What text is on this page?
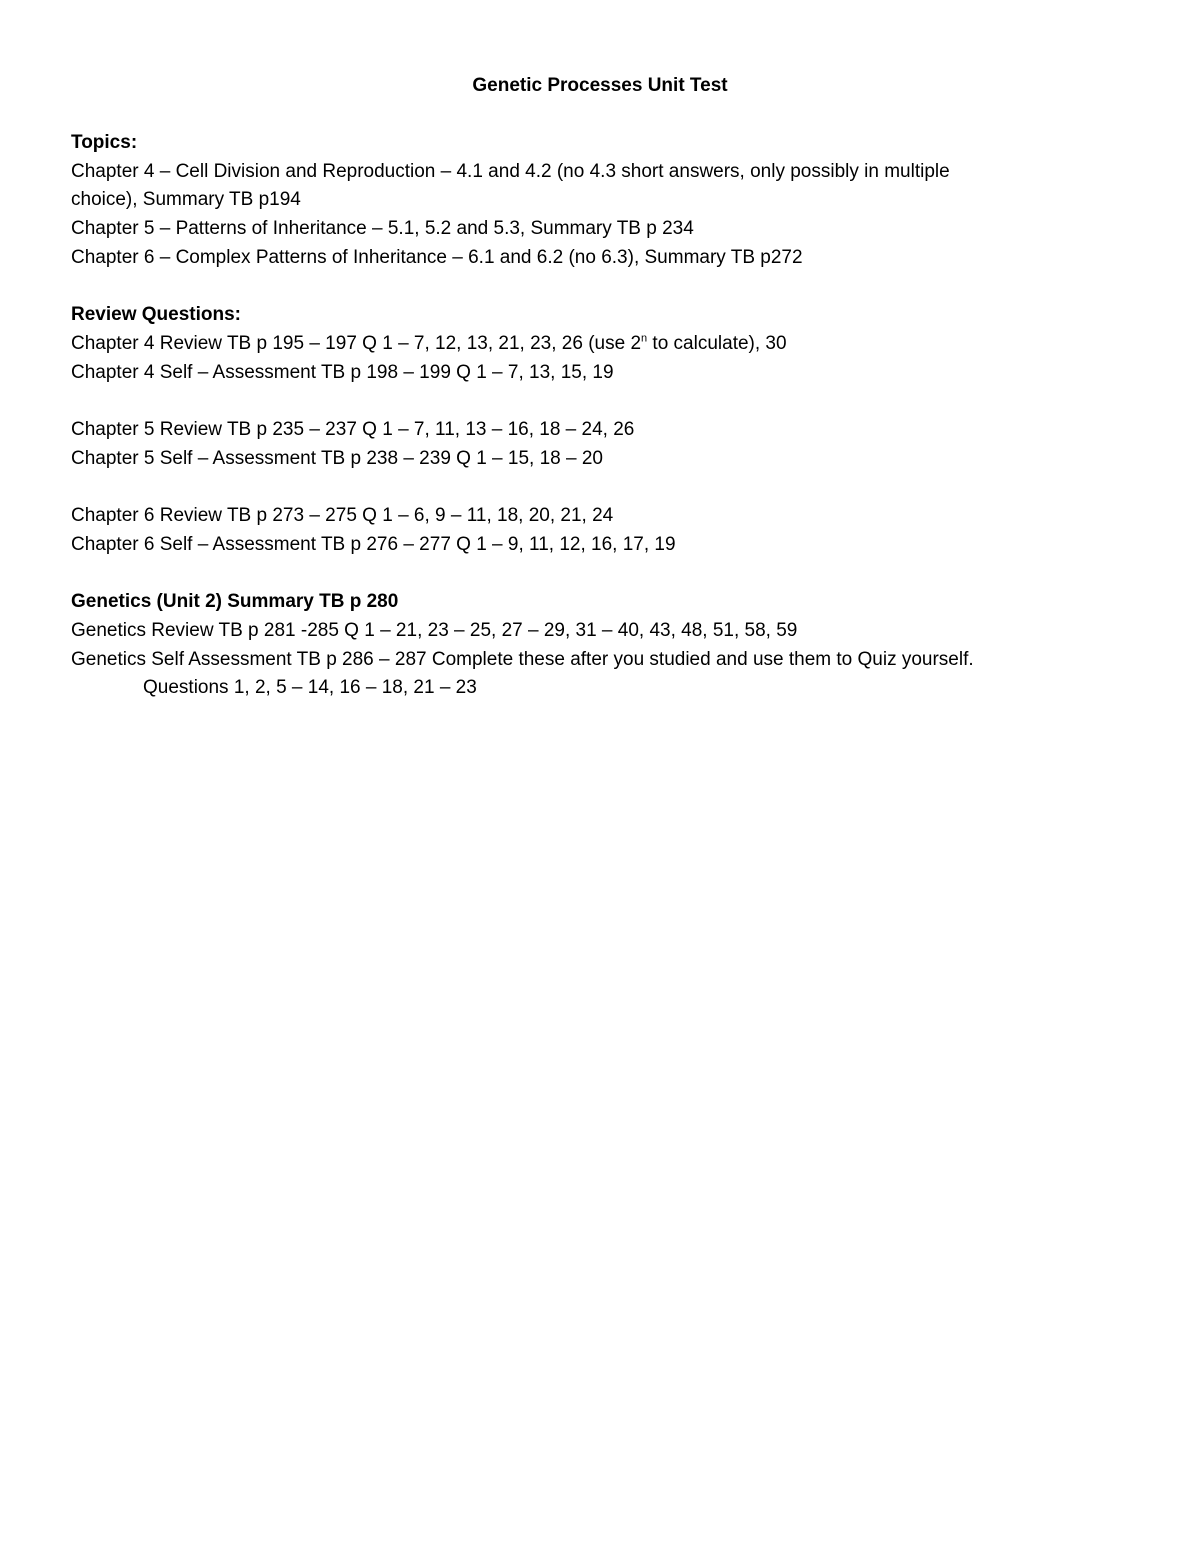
Genetic Processes Unit Test
Topics:
Chapter 4 – Cell Division and Reproduction – 4.1 and 4.2 (no 4.3 short answers, only possibly in multiple
choice), Summary TB p194
Chapter 5 – Patterns of Inheritance – 5.1, 5.2 and 5.3, Summary TB p 234
Chapter 6 – Complex Patterns of Inheritance – 6.1 and 6.2 (no 6.3), Summary TB p272
Review Questions:
Chapter 4 Review TB p 195 – 197 Q 1 – 7, 12, 13, 21, 23, 26 (use 2$^n$ to calculate), 30
Chapter 4 Self – Assessment TB p 198 – 199 Q 1 – 7, 13, 15, 19
Chapter 5 Review TB p 235 – 237 Q 1 – 7, 11, 13 – 16, 18 – 24, 26
Chapter 5 Self – Assessment TB p 238 – 239 Q 1 – 15, 18 – 20
Chapter 6 Review TB p 273 – 275 Q 1 – 6, 9 – 11, 18, 20, 21, 24
Chapter 6 Self – Assessment TB p 276 – 277 Q 1 – 9, 11, 12, 16, 17, 19
Genetics (Unit 2) Summary TB p 280
Genetics Review TB p 281 -285 Q 1 – 21, 23 – 25, 27 – 29, 31 – 40, 43, 48, 51, 58, 59
Genetics Self Assessment TB p 286 – 287 Complete these after you studied and use them to Quiz yourself.
Questions 1, 2, 5 – 14, 16 – 18, 21 – 23
